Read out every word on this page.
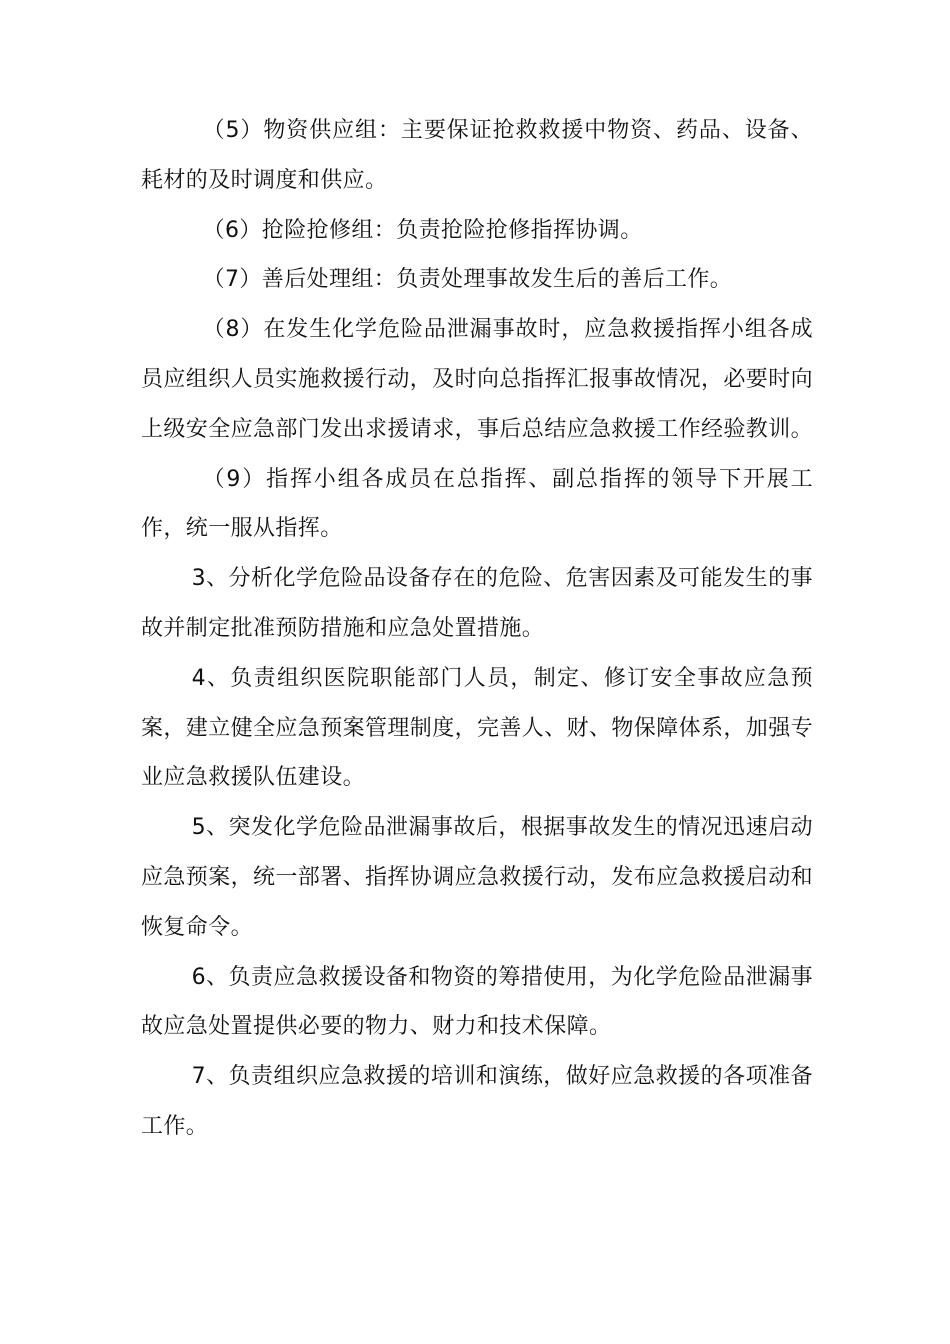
（5）物资供应组：主要保证抢救救援中物资、药品、设备、耗材的及时调度和供应。

（6）抢险抢修组：负责抢险抢修指挥协调。

（7）善后处理组：负责处理事故发生后的善后工作。

（8）在发生化学危险品泄漏事故时，应急救援指挥小组各成员应组织人员实施救援行动，及时向总指挥汇报事故情况，必要时向上级安全应急部门发出求援请求，事后总结应急救援工作经验教训。

（9）指挥小组各成员在总指挥、副总指挥的领导下开展工作，统一服从指挥。

3、分析化学危险品设备存在的危险、危害因素及可能发生的事故并制定批准预防措施和应急处置措施。

4、负责组织医院职能部门人员，制定、修订安全事故应急预案，建立健全应急预案管理制度，完善人、财、物保障体系，加强专业应急救援队伍建设。

5、突发化学危险品泄漏事故后，根据事故发生的情况迅速启动应急预案，统一部署、指挥协调应急救援行动，发布应急救援启动和恢复命令。

6、负责应急救援设备和物资的筹措使用，为化学危险品泄漏事故应急处置提供必要的物力、财力和技术保障。

7、负责组织应急救援的培训和演练，做好应急救援的各项准备工作。
